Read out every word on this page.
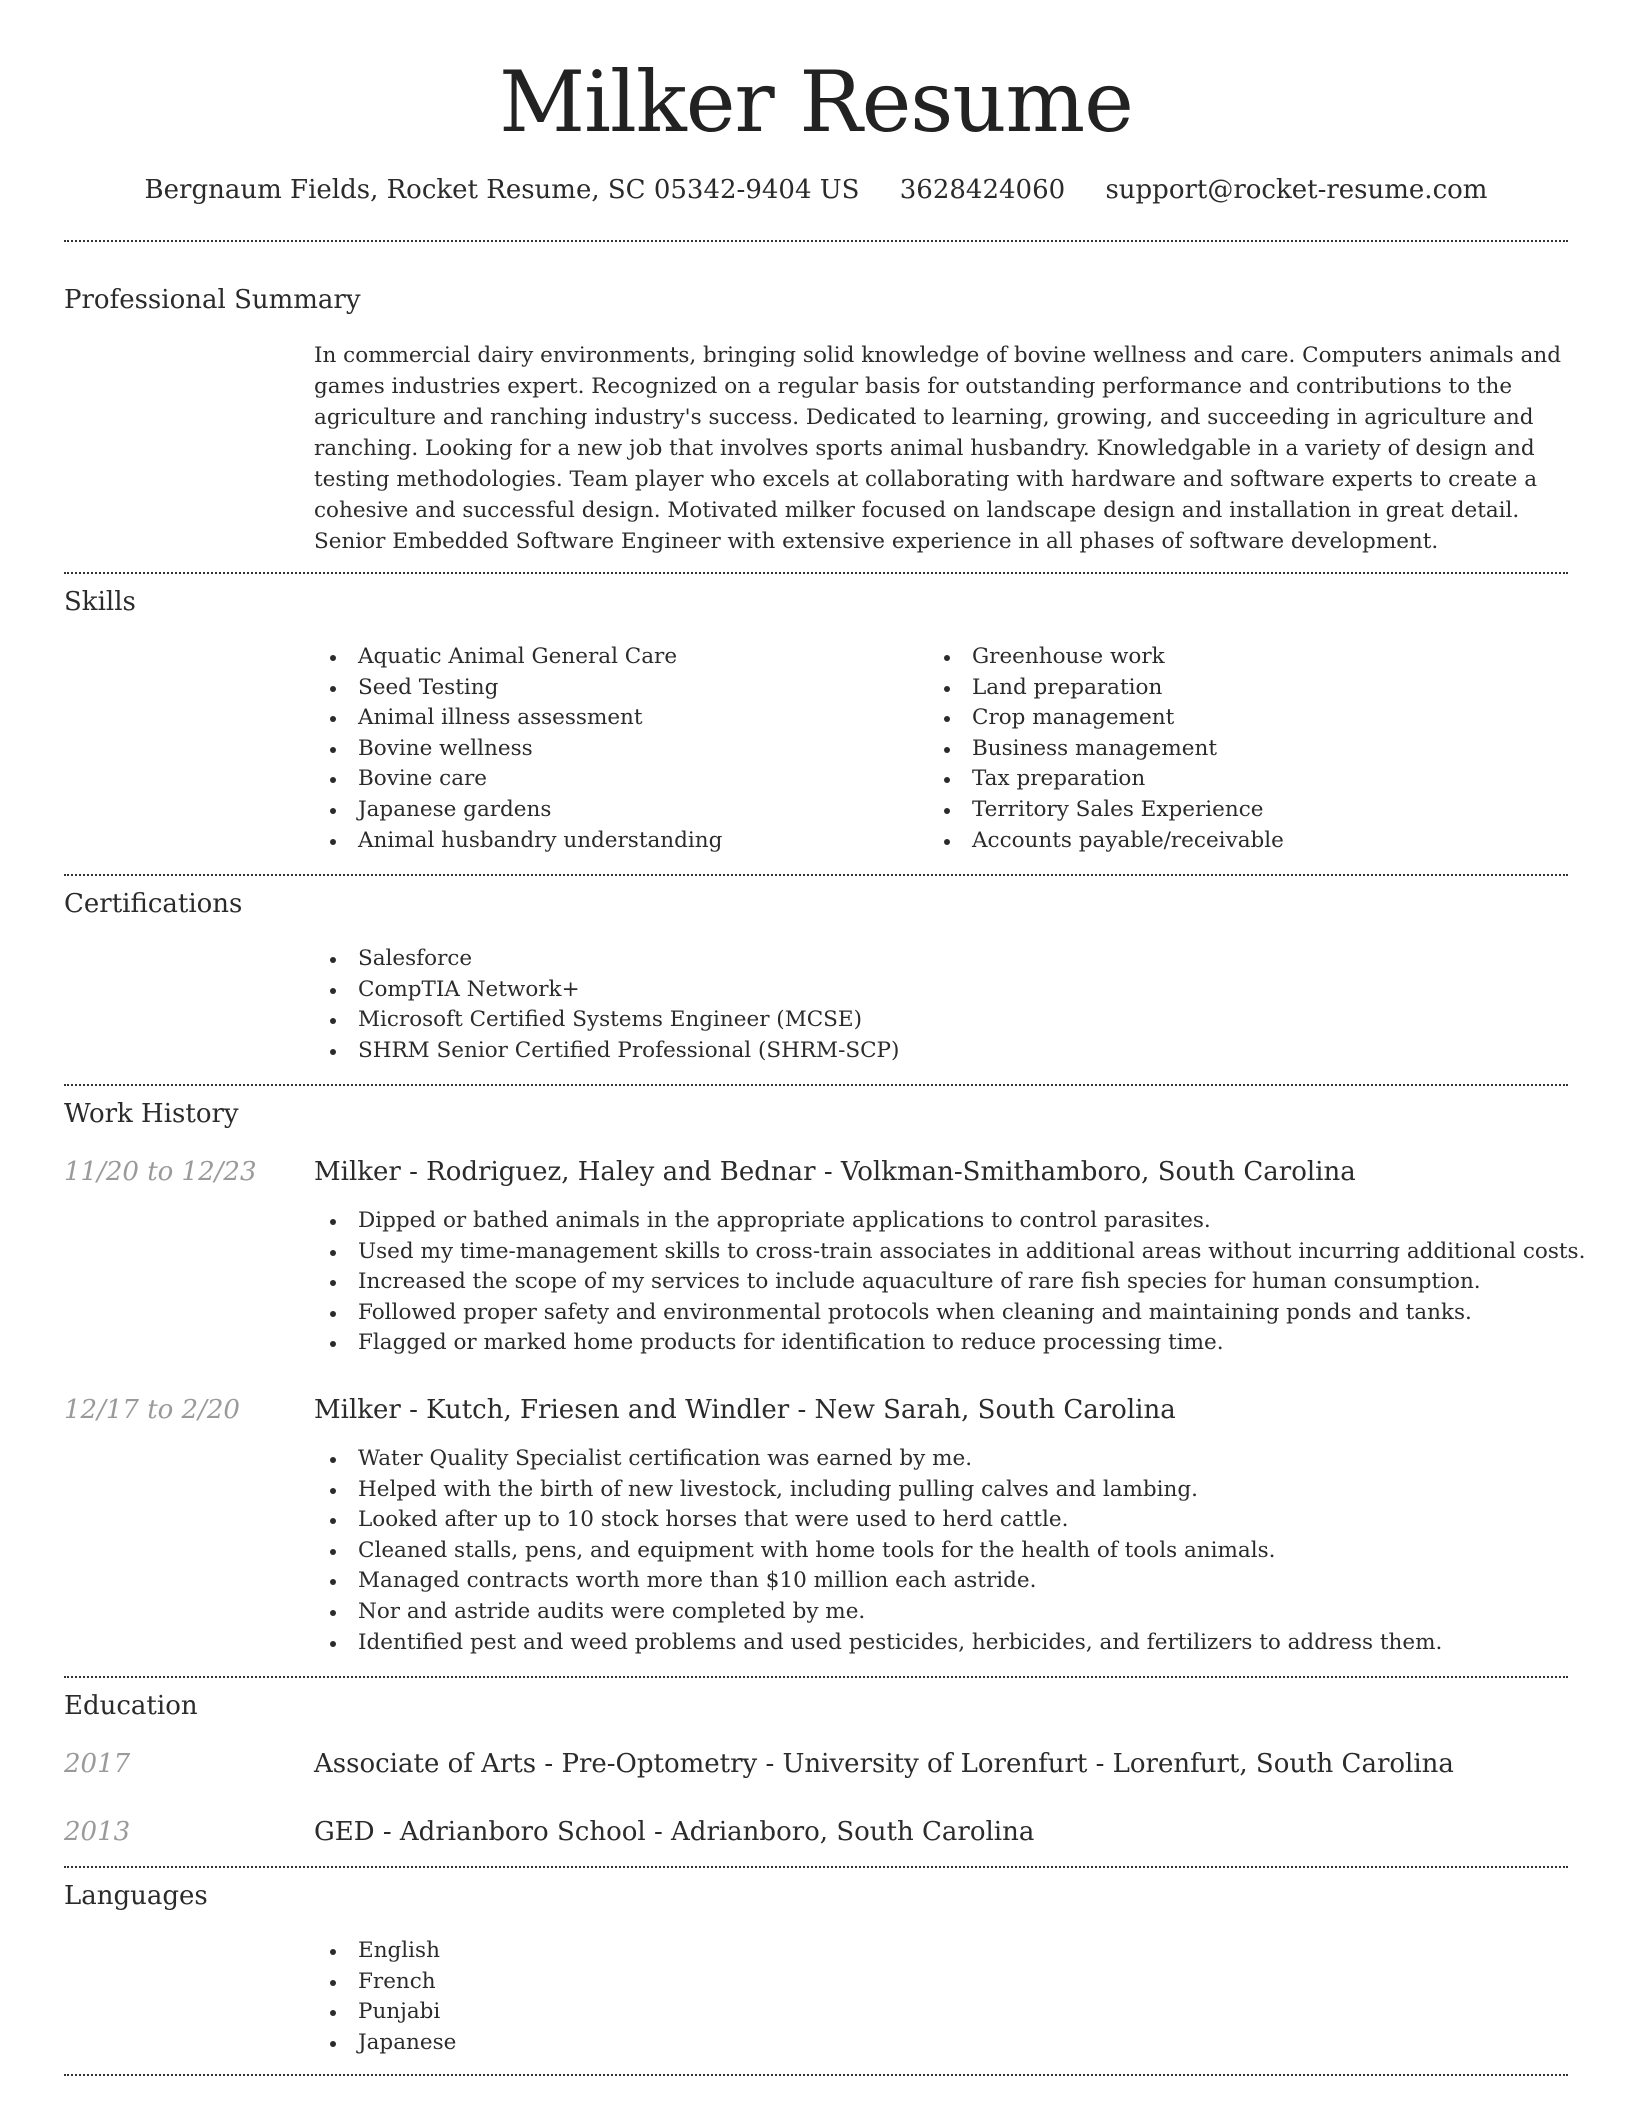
Milker Resume
Bergnaum Fields, Rocket Resume, SC 05342-9404 US 3628424060 support@rocket-resume.com
Professional Summary

In commercial dairy environments, bringing solid knowledge of bovine wellness and care. Computers animals and games industries expert. Recognized on a regular basis for outstanding performance and contributions to the agriculture and ranching industry's success. Dedicated to learning, growing, and succeeding in agriculture and ranching. Looking for a new job that involves sports animal husbandry. Knowledgable in a variety of design and testing methodologies. Team player who excels at collaborating with hardware and software experts to create a cohesive and successful design. Motivated milker focused on landscape design and installation in great detail. Senior Embedded Software Engineer with extensive experience in all phases of software development.

Skills
Aquatic Animal General Care
Seed Testing
Animal illness assessment
Bovine wellness
Bovine care
Japanese gardens
Animal husbandry understanding
Greenhouse work
Land preparation
Crop management
Business management
Tax preparation
Territory Sales Experience
Accounts payable/receivable
Certifications
Salesforce
CompTIA Network+
Microsoft Certified Systems Engineer (MCSE)
SHRM Senior Certified Professional (SHRM-SCP)
Work History
11/20 to 12/23 Milker - Rodriguez, Haley and Bednar - Volkman-Smithamboro, South Carolina
Dipped or bathed animals in the appropriate applications to control parasites.
Used my time-management skills to cross-train associates in additional areas without incurring additional costs.
Increased the scope of my services to include aquaculture of rare fish species for human consumption.
Followed proper safety and environmental protocols when cleaning and maintaining ponds and tanks.
Flagged or marked home products for identification to reduce processing time.
12/17 to 2/20	Milker - Kutch, Friesen and Windler - New Sarah, South Carolina
Water Quality Specialist certification was earned by me.
Helped with the birth of new livestock, including pulling calves and lambing.
Looked after up to 10 stock horses that were used to herd cattle.
Cleaned stalls, pens, and equipment with home tools for the health of tools animals.
Managed contracts worth more than $10 million each astride.
Nor and astride audits were completed by me.
Identified pest and weed problems and used pesticides, herbicides, and fertilizers to address them.
Education
2017	Associate of Arts - Pre-Optometry - University of Lorenfurt - Lorenfurt, South Carolina
2013	GED - Adrianboro School - Adrianboro, South Carolina
Languages
English
French
Punjabi
Japanese
